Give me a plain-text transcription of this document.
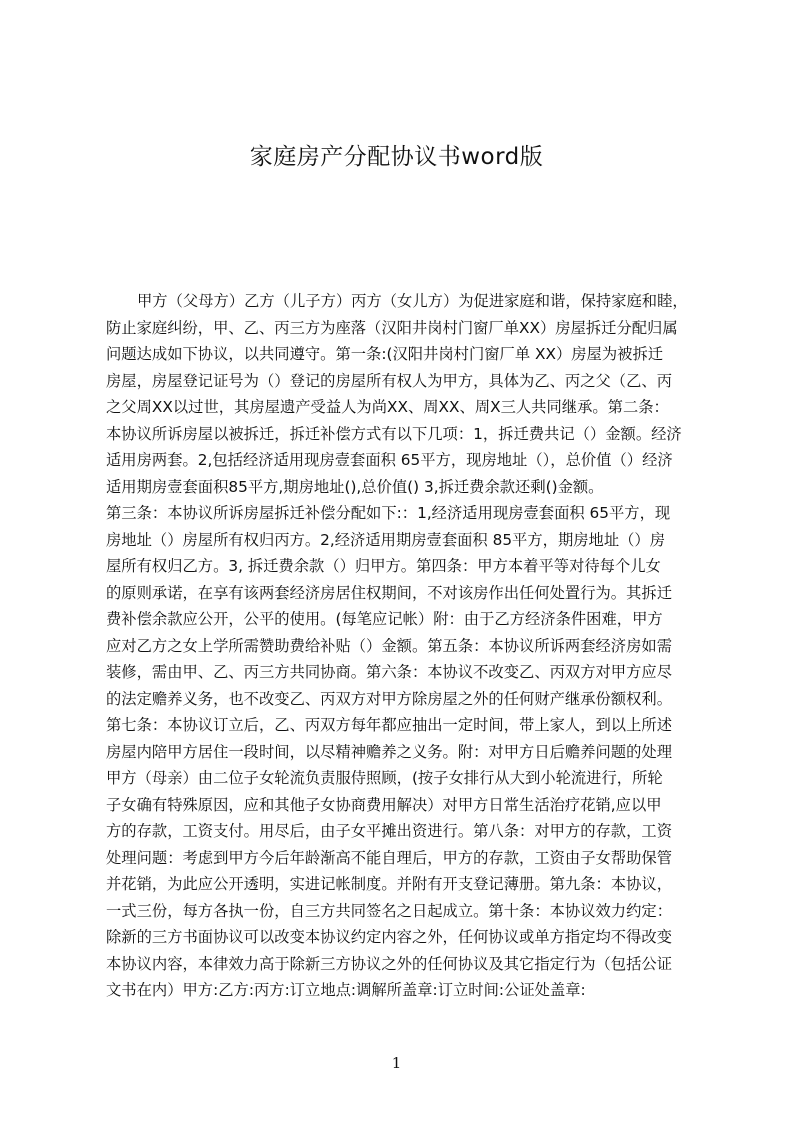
家庭房产分配协议书word版
甲方（父母方）乙方（儿子方）丙方（女儿方）为促进家庭和谐，保持家庭和睦，
防止家庭纠纷，甲、乙、丙三方为座落（汉阳井岗村门窗厂单XX）房屋拆迁分配归属
问题达成如下协议，以共同遵守。第一条:(汉阳井岗村门窗厂单 XX）房屋为被拆迁
房屋，房屋登记证号为（）登记的房屋所有权人为甲方，具体为乙、丙之父（乙、丙
之父周XX以过世，其房屋遗产受益人为尚XX、周XX、周X三人共同继承。第二条：
本协议所诉房屋以被拆迁，拆迁补偿方式有以下几项：1，拆迁费共记（）金额。经济
适用房两套。2,包括经济适用现房壹套面积 65平方，现房地址（），总价值（）经济
适用期房壹套面积85平方,期房地址(),总价值() 3,拆迁费余款还剩()金额。
第三条：本协议所诉房屋拆迁补偿分配如下:：1,经济适用现房壹套面积 65平方，现
房地址（）房屋所有权归丙方。2,经济适用期房壹套面积 85平方，期房地址（）房
屋所有权归乙方。3, 拆迁费余款（）归甲方。第四条：甲方本着平等对待每个儿女
的原则承诺，在享有该两套经济房居住权期间，不对该房作出任何处置行为。其拆迁
费补偿余款应公开，公平的使用。(每笔应记帐）附：由于乙方经济条件困难，甲方
应对乙方之女上学所需赞助费给补贴（）金额。第五条：本协议所诉两套经济房如需
装修，需由甲、乙、丙三方共同协商。第六条：本协议不改变乙、丙双方对甲方应尽
的法定赡养义务，也不改变乙、丙双方对甲方除房屋之外的任何财产继承份额权利。
第七条：本协议订立后，乙、丙双方每年都应抽出一定时间，带上家人，到以上所述
房屋内陪甲方居住一段时间，以尽精神赡养之义务。附：对甲方日后赡养问题的处理
甲方（母亲）由二位子女轮流负责服侍照顾，(按子女排行从大到小轮流进行，所轮
子女确有特殊原因，应和其他子女协商费用解决）对甲方日常生活治疗花销,应以甲
方的存款，工资支付。用尽后，由子女平摊出资进行。第八条：对甲方的存款，工资
处理问题：考虑到甲方今后年龄渐高不能自理后，甲方的存款，工资由子女帮助保管
并花销，为此应公开透明，实进记帐制度。并附有开支登记薄册。第九条：本协议，
一式三份，每方各执一份，自三方共同签名之日起成立。第十条：本协议效力约定：
除新的三方书面协议可以改变本协议约定内容之外，任何协议或单方指定均不得改变
本协议内容，本律效力高于除新三方协议之外的任何协议及其它指定行为（包括公证
文书在内）甲方:乙方:丙方:订立地点:调解所盖章:订立时间:公证处盖章:
1
